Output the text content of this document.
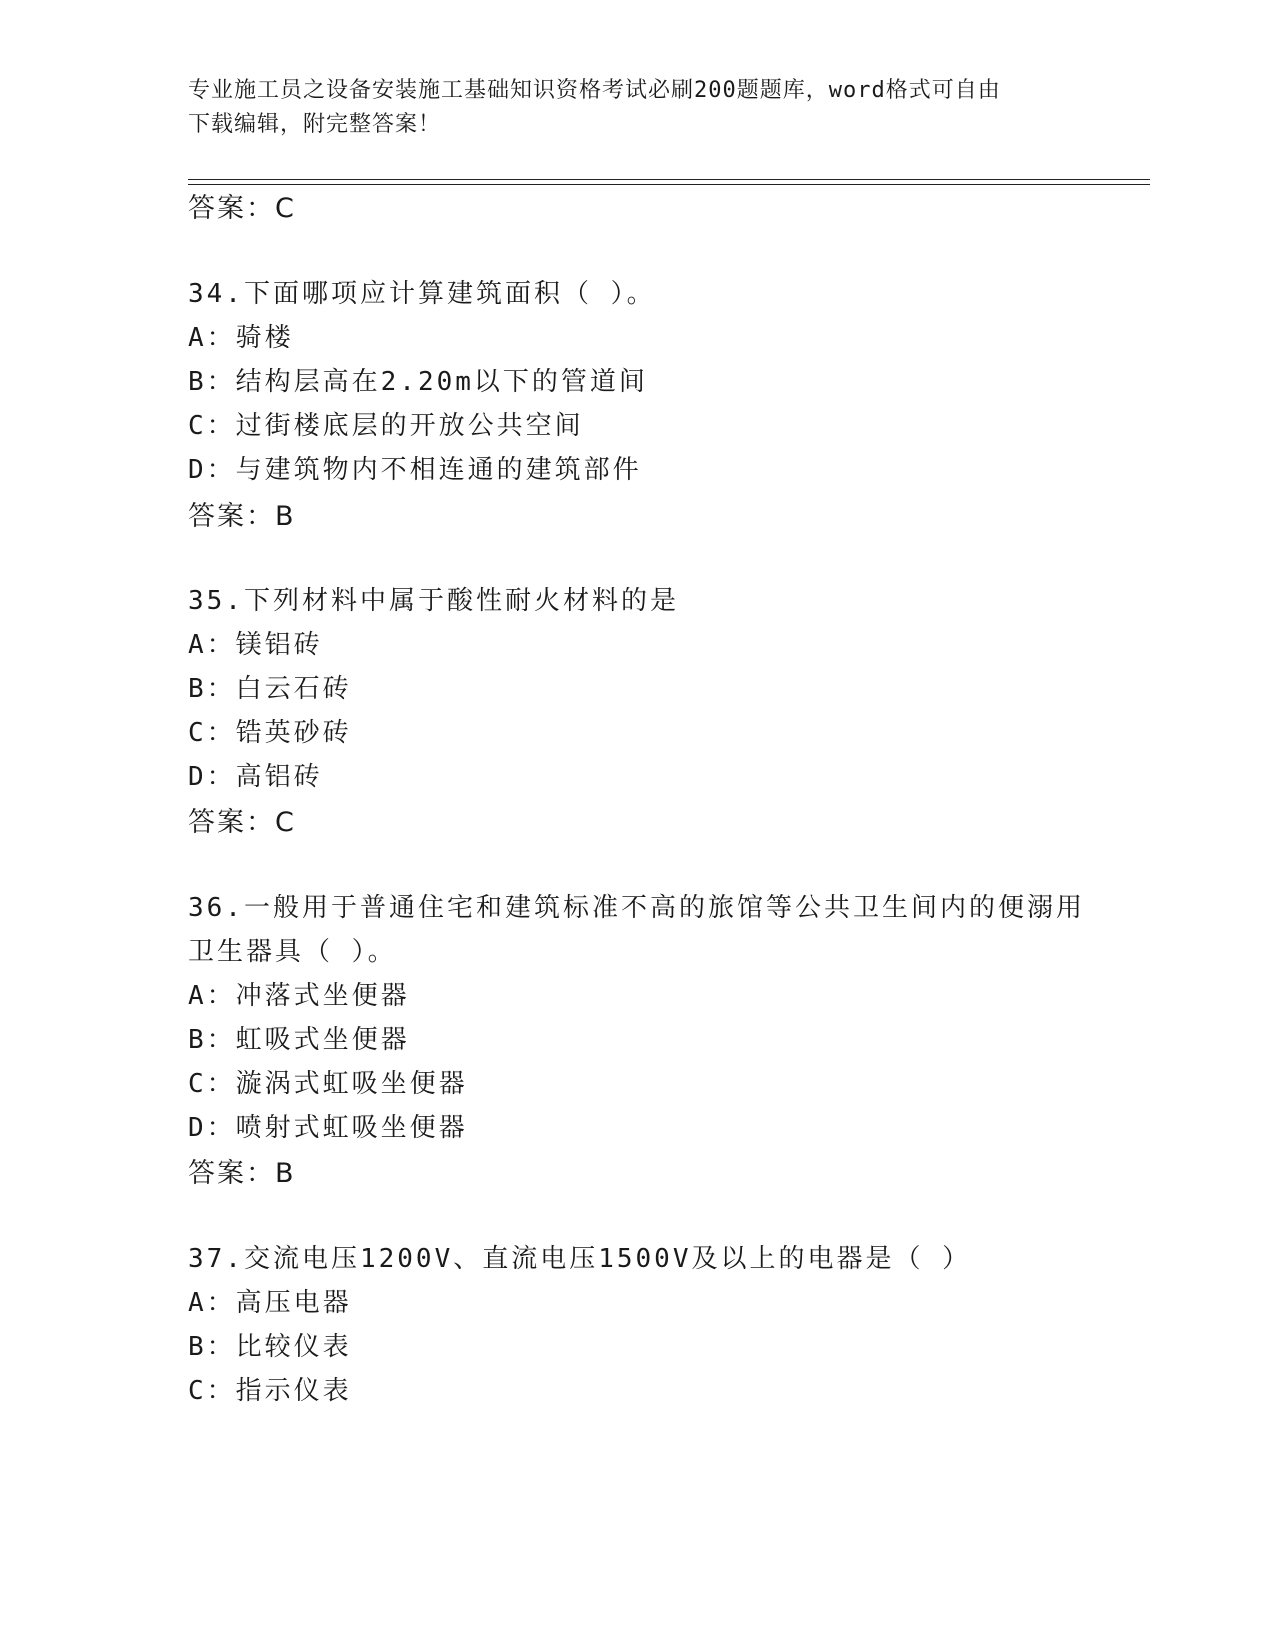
专业施工员之设备安装施工基础知识资格考试必刷200题题库，word格式可自由
下载编辑，附完整答案！
答案：C
34.下面哪项应计算建筑面积（ ）。
A：骑楼
B：结构层高在2.20m以下的管道间
C：过街楼底层的开放公共空间
D：与建筑物内不相连通的建筑部件
答案：B
35.下列材料中属于酸性耐火材料的是
A：镁铝砖
B：白云石砖
C：锆英砂砖
D：高铝砖
答案：C
36.一般用于普通住宅和建筑标准不高的旅馆等公共卫生间内的便溺用
卫生器具（ ）。
A：冲落式坐便器
B：虹吸式坐便器
C：漩涡式虹吸坐便器
D：喷射式虹吸坐便器
答案：B
37.交流电压1200V、直流电压1500V及以上的电器是（ ）
A：高压电器
B：比较仪表
C：指示仪表
